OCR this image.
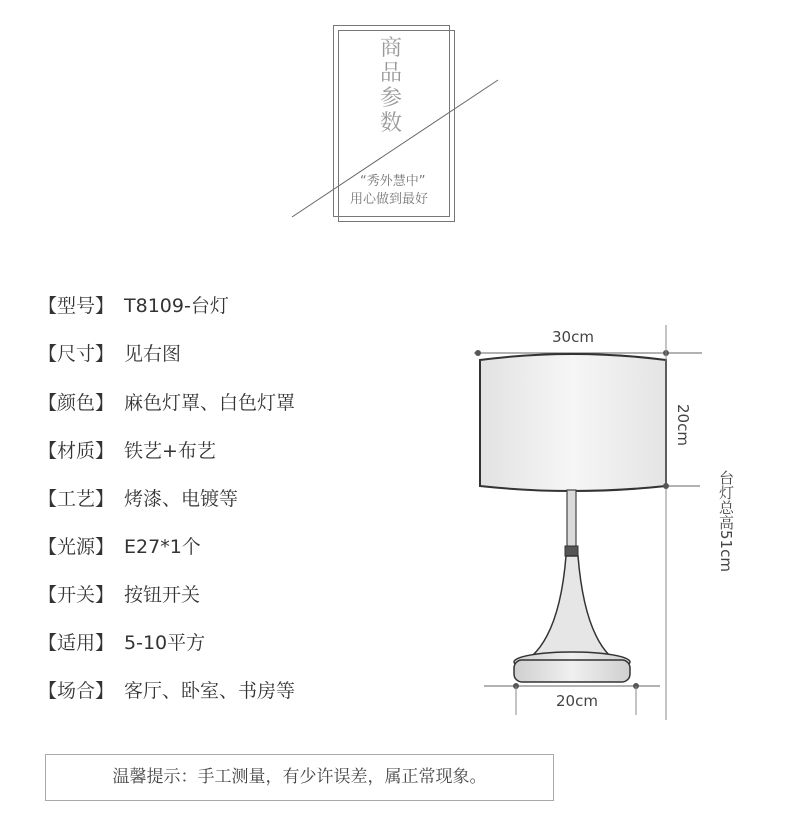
商品参数
“秀外慧中”
用心做到最好
【型号】 T8109-台灯
【尺寸】 见右图
【颜色】 麻色灯罩、白色灯罩
【材质】 铁艺+布艺
【工艺】 烤漆、电镀等
【光源】 E27*1个
【开关】 按钮开关
【适用】 5-10平方
【场合】 客厅、卧室、书房等
30cm
20cm
台灯总高51cm
20cm
温馨提示：手工测量，有少许误差，属正常现象。
